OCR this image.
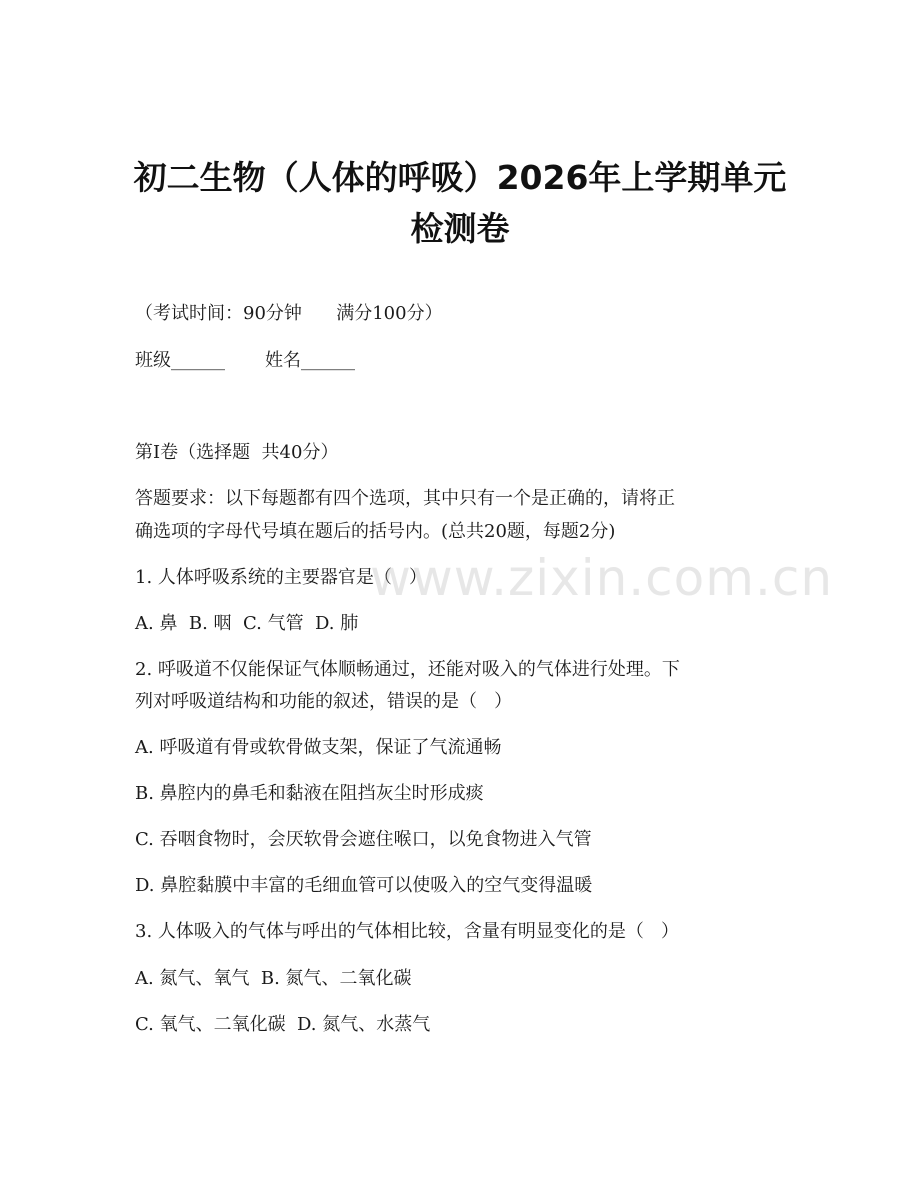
初二生物（人体的呼吸）2026年上学期单元
检测卷
（考试时间：90分钟      满分100分）
班级______       姓名______
第Ⅰ卷（选择题  共40分）
答题要求：以下每题都有四个选项，其中只有一个是正确的，请将正
确选项的字母代号填在题后的括号内。(总共20题，每题2分)
1. 人体呼吸系统的主要器官是（   ）
A. 鼻  B. 咽  C. 气管  D. 肺
2. 呼吸道不仅能保证气体顺畅通过，还能对吸入的气体进行处理。下
列对呼吸道结构和功能的叙述，错误的是（   ）
A. 呼吸道有骨或软骨做支架，保证了气流通畅
B. 鼻腔内的鼻毛和黏液在阻挡灰尘时形成痰
C. 吞咽食物时，会厌软骨会遮住喉口，以免食物进入气管
D. 鼻腔黏膜中丰富的毛细血管可以使吸入的空气变得温暖
3. 人体吸入的气体与呼出的气体相比较，含量有明显变化的是（   ）
A. 氮气、氧气  B. 氮气、二氧化碳
C. 氧气、二氧化碳  D. 氮气、水蒸气
www.zixin.com.cn
